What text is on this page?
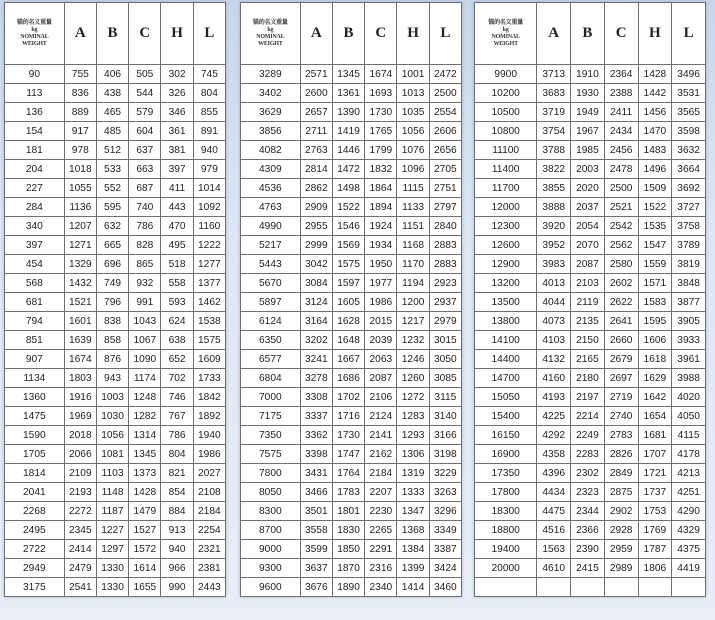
锚的名义重量
kg
NOMINAL
WEIGHT	A	B	C	H	L
90	755	406	505	302	745
113	836	438	544	326	804
136	889	465	579	346	855
154	917	485	604	361	891
181	978	512	637	381	940
204	1018	533	663	397	979
227	1055	552	687	411	1014
284	1136	595	740	443	1092
340	1207	632	786	470	1160
397	1271	665	828	495	1222
454	1329	696	865	518	1277
568	1432	749	932	558	1377
681	1521	796	991	593	1462
794	1601	838	1043	624	1538
851	1639	858	1067	638	1575
907	1674	876	1090	652	1609
1134	1803	943	1174	702	1733
1360	1916	1003	1248	746	1842
1475	1969	1030	1282	767	1892
1590	2018	1056	1314	786	1940
1705	2066	1081	1345	804	1986
1814	2109	1103	1373	821	2027
2041	2193	1148	1428	854	2108
2268	2272	1187	1479	884	2184
2495	2345	1227	1527	913	2254
2722	2414	1297	1572	940	2321
2949	2479	1330	1614	966	2381
3175	2541	1330	1655	990	2443
锚的名义重量
kg
NOMINAL
WEIGHT	A	B	C	H	L
3289	2571	1345	1674	1001	2472
3402	2600	1361	1693	1013	2500
3629	2657	1390	1730	1035	2554
3856	2711	1419	1765	1056	2606
4082	2763	1446	1799	1076	2656
4309	2814	1472	1832	1096	2705
4536	2862	1498	1864	1115	2751
4763	2909	1522	1894	1133	2797
4990	2955	1546	1924	1151	2840
5217	2999	1569	1934	1168	2883
5443	3042	1575	1950	1170	2883
5670	3084	1597	1977	1194	2923
5897	3124	1605	1986	1200	2937
6124	3164	1628	2015	1217	2979
6350	3202	1648	2039	1232	3015
6577	3241	1667	2063	1246	3050
6804	3278	1686	2087	1260	3085
7000	3308	1702	2106	1272	3115
7175	3337	1716	2124	1283	3140
7350	3362	1730	2141	1293	3166
7575	3398	1747	2162	1306	3198
7800	3431	1764	2184	1319	3229
8050	3466	1783	2207	1333	3263
8300	3501	1801	2230	1347	3296
8700	3558	1830	2265	1368	3349
9000	3599	1850	2291	1384	3387
9300	3637	1870	2316	1399	3424
9600	3676	1890	2340	1414	3460
锚的名义重量
kg
NOMINAL
WEIGHT	A	B	C	H	L
9900	3713	1910	2364	1428	3496
10200	3683	1930	2388	1442	3531
10500	3719	1949	2411	1456	3565
10800	3754	1967	2434	1470	3598
11100	3788	1985	2456	1483	3632
11400	3822	2003	2478	1496	3664
11700	3855	2020	2500	1509	3692
12000	3888	2037	2521	1522	3727
12300	3920	2054	2542	1535	3758
12600	3952	2070	2562	1547	3789
12900	3983	2087	2580	1559	3819
13200	4013	2103	2602	1571	3848
13500	4044	2119	2622	1583	3877
13800	4073	2135	2641	1595	3905
14100	4103	2150	2660	1606	3933
14400	4132	2165	2679	1618	3961
14700	4160	2180	2697	1629	3988
15050	4193	2197	2719	1642	4020
15400	4225	2214	2740	1654	4050
16150	4292	2249	2783	1681	4115
16900	4358	2283	2826	1707	4178
17350	4396	2302	2849	1721	4213
17800	4434	2323	2875	1737	4251
18300	4475	2344	2902	1753	4290
18800	4516	2366	2928	1769	4329
19400	1563	2390	2959	1787	4375
20000	4610	2415	2989	1806	4419
